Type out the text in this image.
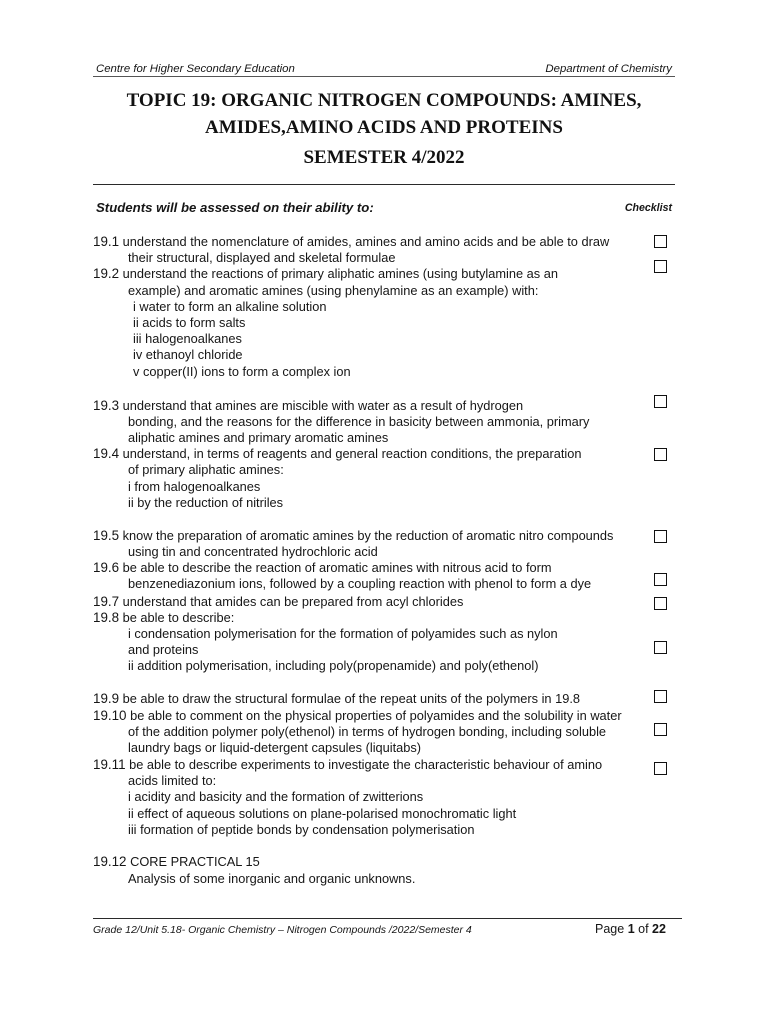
Centre for Higher Secondary Education	Department of Chemistry
TOPIC 19: ORGANIC NITROGEN COMPOUNDS: AMINES,
AMIDES,AMINO ACIDS AND PROTEINS
SEMESTER 4/2022
Students will be assessed on their ability to:	Checklist
19.1 understand the nomenclature of amides, amines and amino acids and be able to draw
their structural, displayed and skeletal formulae
19.2 understand the reactions of primary aliphatic amines (using butylamine as an
example) and aromatic amines (using phenylamine as an example) with:
i water to form an alkaline solution
ii acids to form salts
iii halogenoalkanes
iv ethanoyl chloride
v copper(II) ions to form a complex ion
19.3 understand that amines are miscible with water as a result of hydrogen
bonding, and the reasons for the difference in basicity between ammonia, primary
aliphatic amines and primary aromatic amines
19.4 understand, in terms of reagents and general reaction conditions, the preparation
of primary aliphatic amines:
i from halogenoalkanes
ii by the reduction of nitriles
19.5 know the preparation of aromatic amines by the reduction of aromatic nitro compounds
using tin and concentrated hydrochloric acid
19.6 be able to describe the reaction of aromatic amines with nitrous acid to form
benzenediazonium ions, followed by a coupling reaction with phenol to form a dye
19.7 understand that amides can be prepared from acyl chlorides
19.8 be able to describe:
i condensation polymerisation for the formation of polyamides such as nylon
and proteins
ii addition polymerisation, including poly(propenamide) and poly(ethenol)
19.9 be able to draw the structural formulae of the repeat units of the polymers in 19.8
19.10 be able to comment on the physical properties of polyamides and the solubility in water
of the addition polymer poly(ethenol) in terms of hydrogen bonding, including soluble
laundry bags or liquid-detergent capsules (liquitabs)
19.11 be able to describe experiments to investigate the characteristic behaviour of amino
acids limited to:
i acidity and basicity and the formation of zwitterions
ii effect of aqueous solutions on plane-polarised monochromatic light
iii formation of peptide bonds by condensation polymerisation
19.12 CORE PRACTICAL 15
Analysis of some inorganic and organic unknowns.
Grade 12/Unit 5.18- Organic Chemistry – Nitrogen Compounds /2022/Semester 4	Page 1 of 22
